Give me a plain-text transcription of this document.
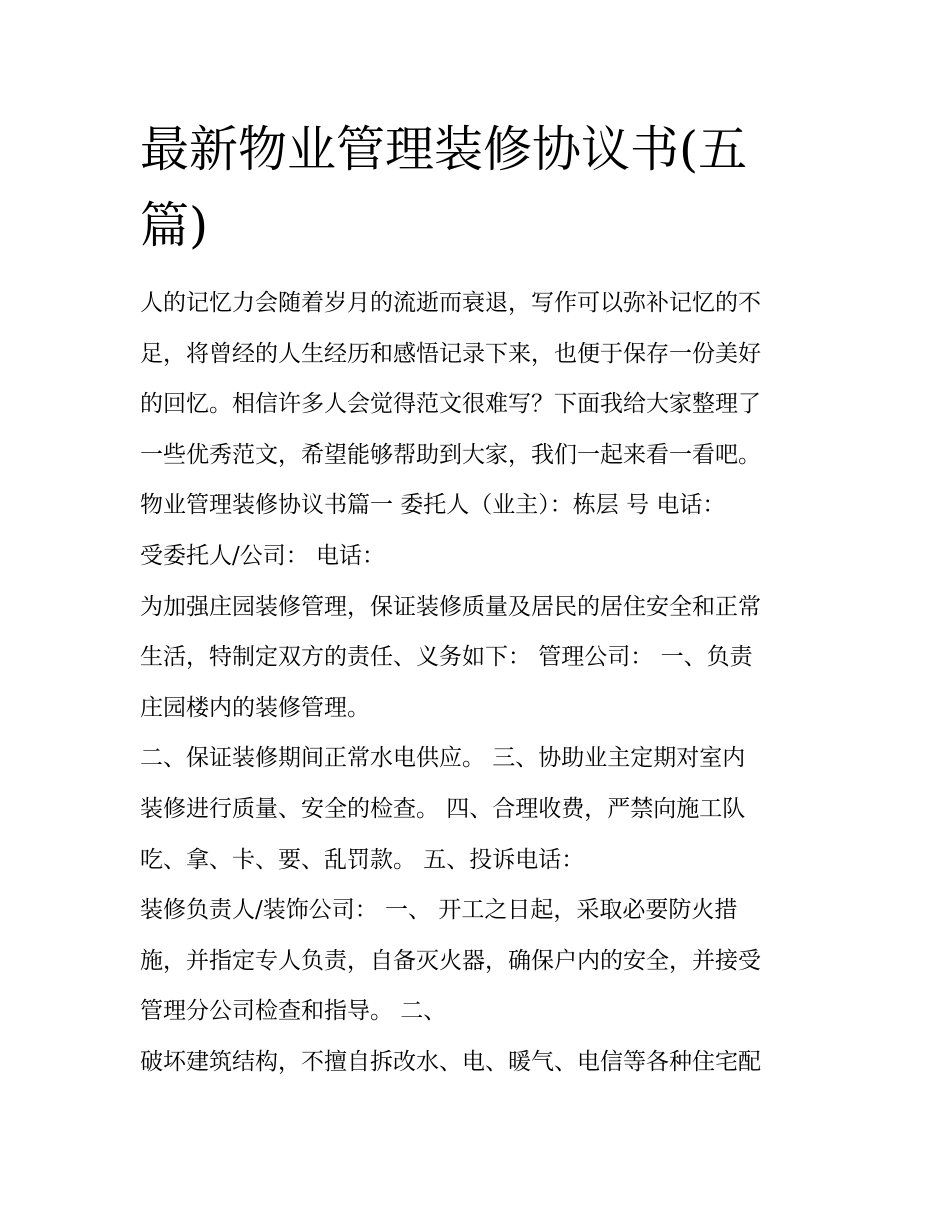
最新物业管理装修协议书(五
篇)
人的记忆力会随着岁月的流逝而衰退，写作可以弥补记忆的不
足，将曾经的人生经历和感悟记录下来，也便于保存一份美好
的回忆。相信许多人会觉得范文很难写？下面我给大家整理了
一些优秀范文，希望能够帮助到大家，我们一起来看一看吧。
物业管理装修协议书篇一 委托人（业主）：栋层 号 电话：
受委托人/公司： 电话：
为加强庄园装修管理，保证装修质量及居民的居住安全和正常
生活，特制定双方的责任、义务如下： 管理公司： 一、负责
庄园楼内的装修管理。
二、保证装修期间正常水电供应。 三、协助业主定期对室内
装修进行质量、安全的检查。 四、合理收费，严禁向施工队
吃、拿、卡、要、乱罚款。 五、投诉电话：
装修负责人/装饰公司： 一、 开工之日起，采取必要防火措
施，并指定专人负责，自备灭火器，确保户内的安全，并接受
管理分公司检查和指导。 二、
破坏建筑结构，不擅自拆改水、电、暖气、电信等各种住宅配
